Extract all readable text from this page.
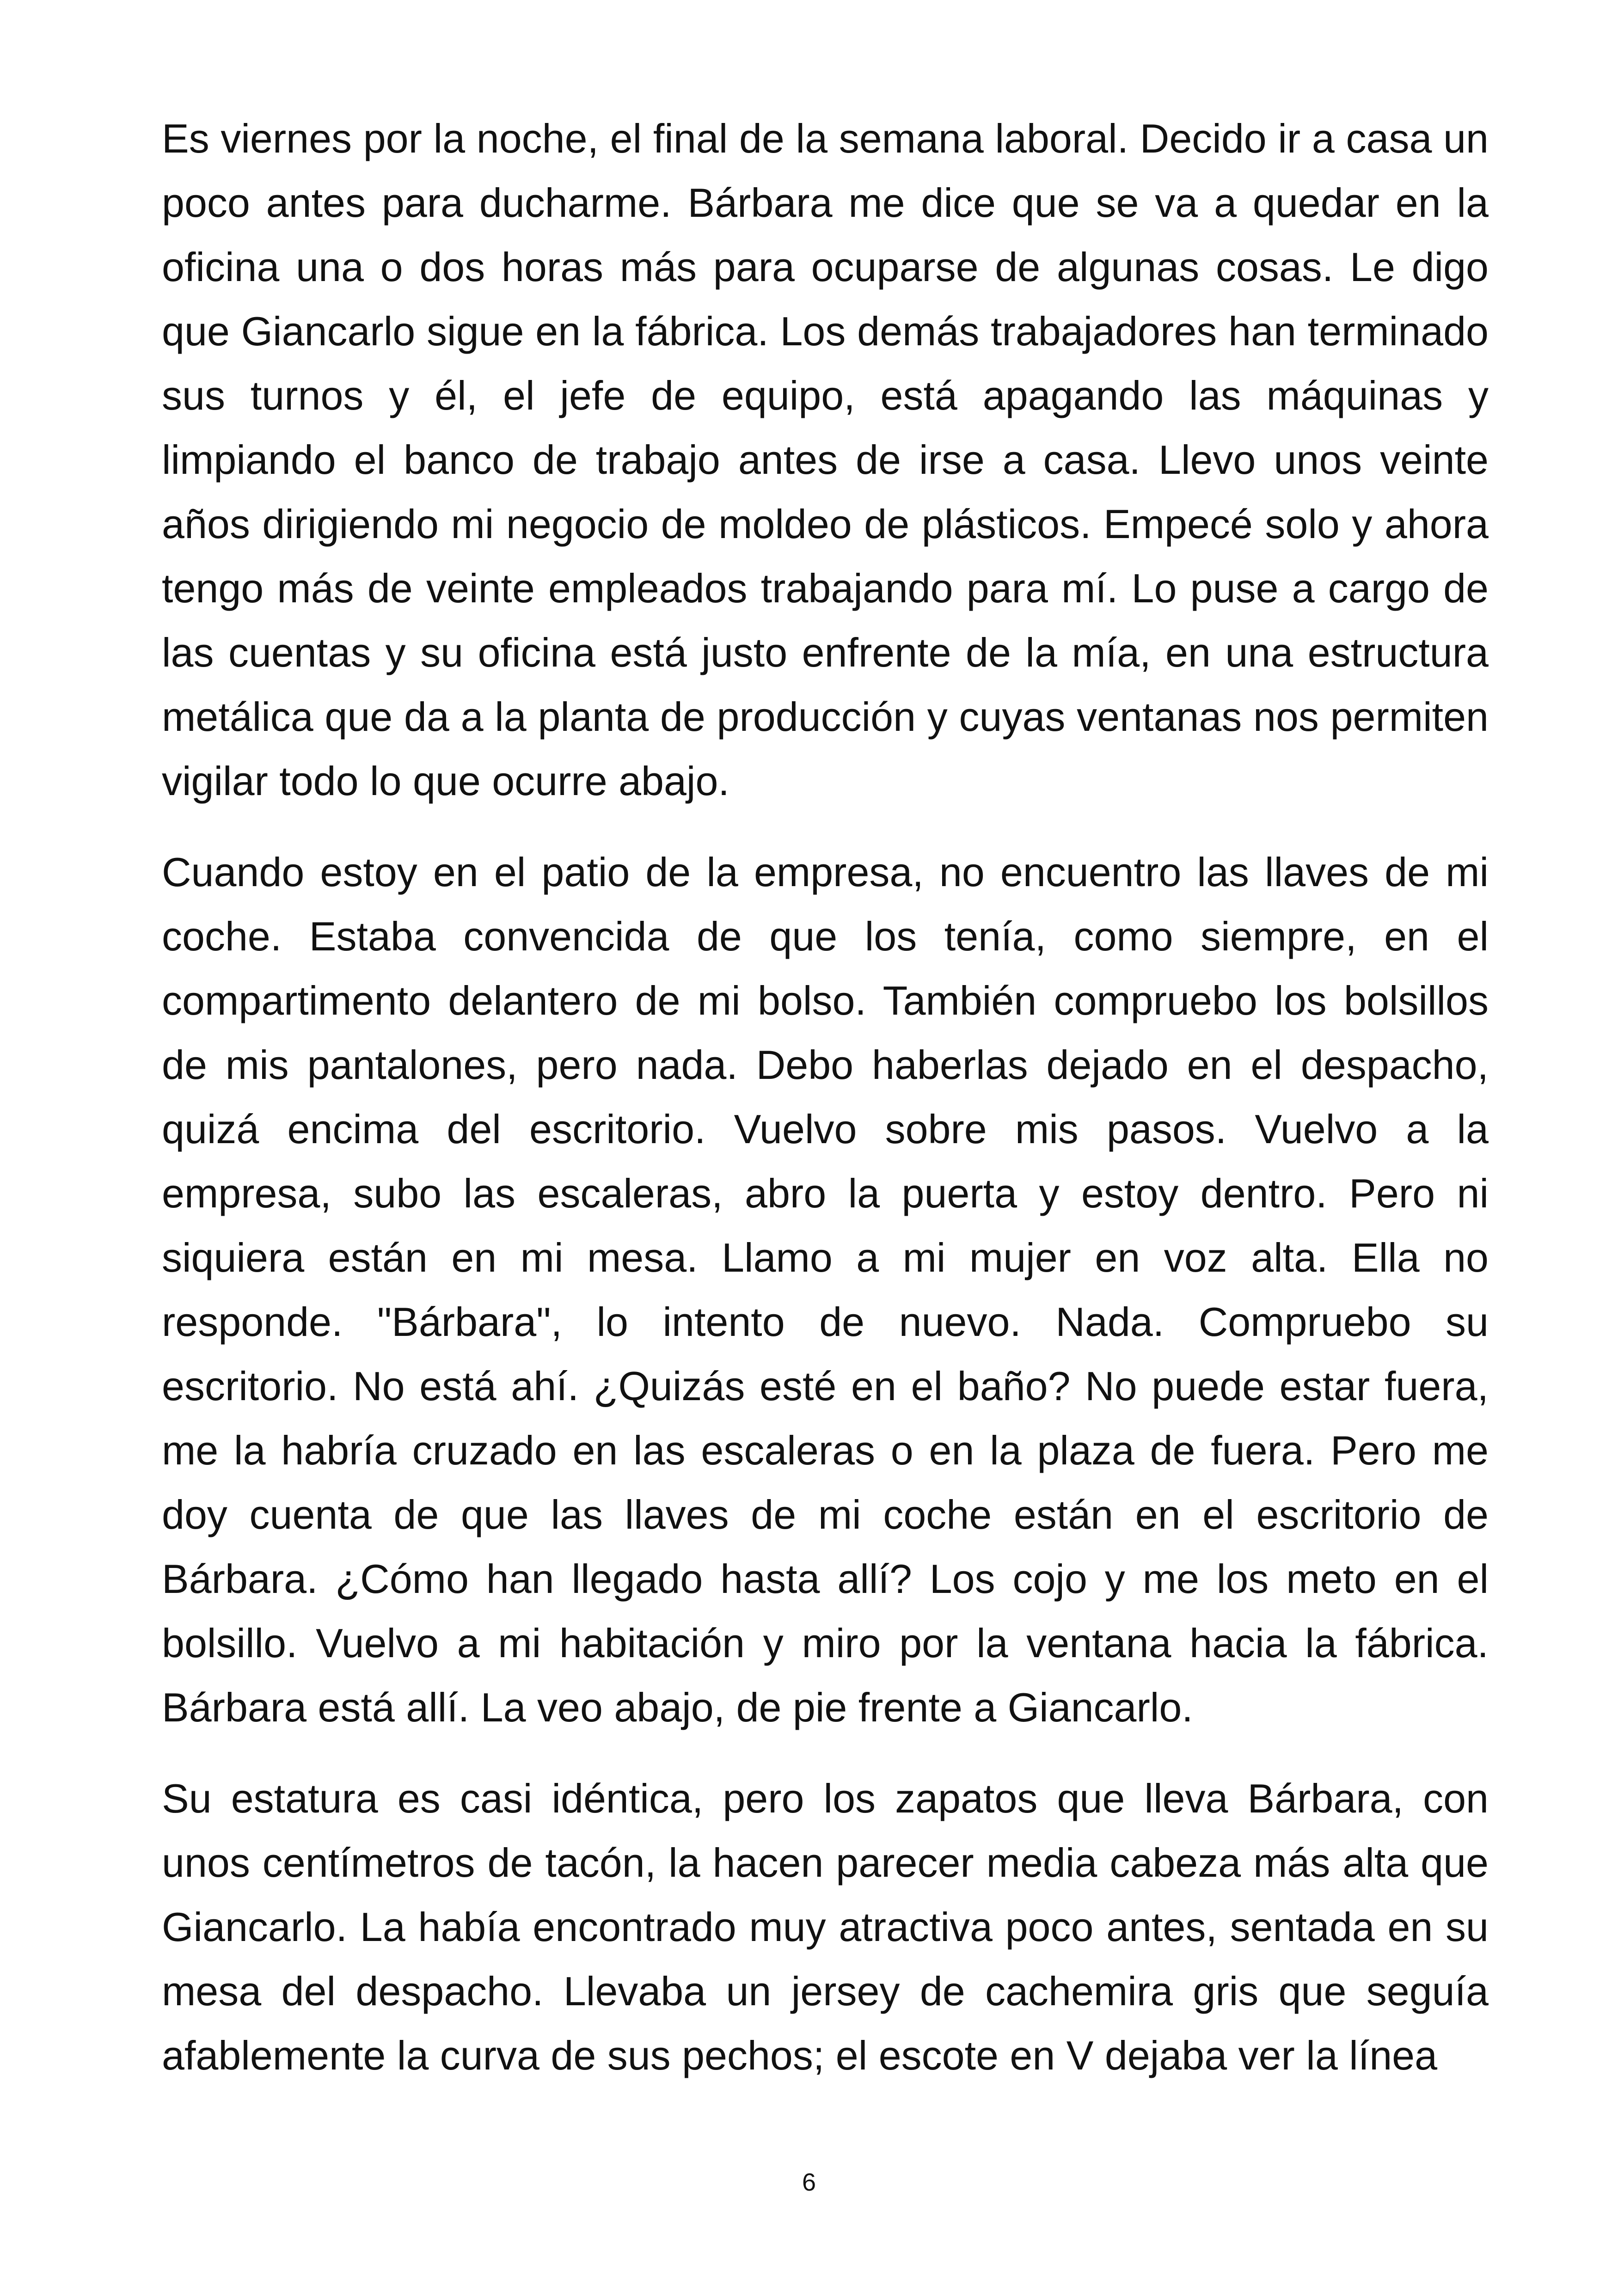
Es viernes por la noche, el final de la semana laboral. Decido ir a casa un poco antes para ducharme. Bárbara me dice que se va a quedar en la oficina una o dos horas más para ocuparse de algunas cosas. Le digo que Giancarlo sigue en la fábrica. Los demás trabajadores han terminado sus turnos y él, el jefe de equipo, está apagando las máquinas y limpiando el banco de trabajo antes de irse a casa. Llevo unos veinte años dirigiendo mi negocio de moldeo de plásticos. Empecé solo y ahora tengo más de veinte empleados trabajando para mí. Lo puse a cargo de las cuentas y su oficina está justo enfrente de la mía, en una estructura metálica que da a la planta de producción y cuyas ventanas nos permiten vigilar todo lo que ocurre abajo.

Cuando estoy en el patio de la empresa, no encuentro las llaves de mi coche. Estaba convencida de que los tenía, como siempre, en el compartimento delantero de mi bolso. También compruebo los bolsillos de mis pantalones, pero nada. Debo haberlas dejado en el despacho, quizá encima del escritorio. Vuelvo sobre mis pasos. Vuelvo a la empresa, subo las escaleras, abro la puerta y estoy dentro. Pero ni siquiera están en mi mesa. Llamo a mi mujer en voz alta. Ella no responde. "Bárbara", lo intento de nuevo. Nada. Compruebo su escritorio. No está ahí. ¿Quizás esté en el baño? No puede estar fuera, me la habría cruzado en las escaleras o en la plaza de fuera. Pero me doy cuenta de que las llaves de mi coche están en el escritorio de Bárbara. ¿Cómo han llegado hasta allí? Los cojo y me los meto en el bolsillo. Vuelvo a mi habitación y miro por la ventana hacia la fábrica. Bárbara está allí. La veo abajo, de pie frente a Giancarlo.

Su estatura es casi idéntica, pero los zapatos que lleva Bárbara, con unos centímetros de tacón, la hacen parecer media cabeza más alta que Giancarlo. La había encontrado muy atractiva poco antes, sentada en su mesa del despacho. Llevaba un jersey de cachemira gris que seguía afablemente la curva de sus pechos; el escote en V dejaba ver la línea

6
